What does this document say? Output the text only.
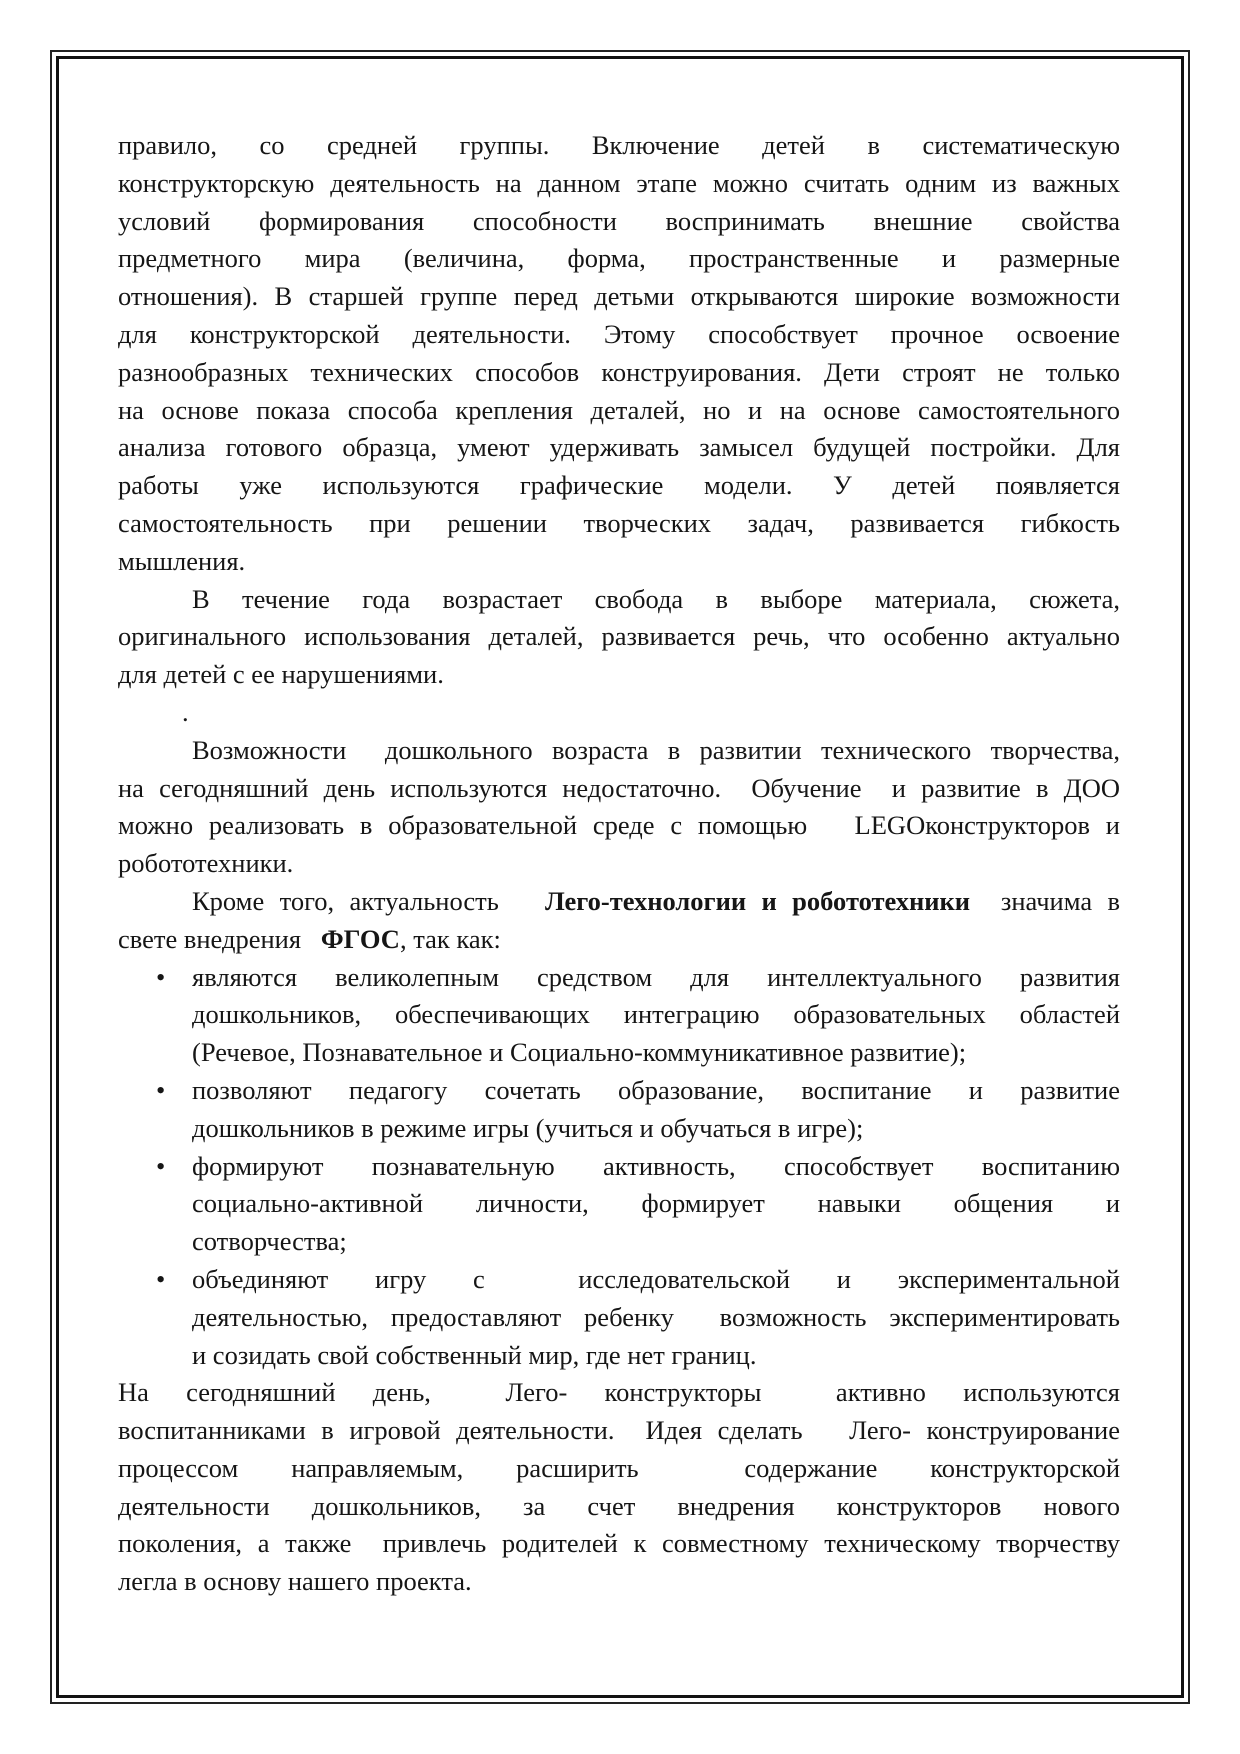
правило, со средней группы. Включение детей в систематическую
конструкторскую деятельность на данном этапе можно считать одним из важных
условий формирования способности воспринимать внешние свойства
предметного мира (величина, форма, пространственные и размерные
отношения). В старшей группе перед детьми открываются широкие возможности
для конструкторской деятельности. Этому способствует прочное освоение
разнообразных технических способов конструирования. Дети строят не только
на основе показа способа крепления деталей, но и на основе самостоятельного
анализа готового образца, умеют удерживать замысел будущей постройки. Для
работы уже используются графические модели. У детей появляется
самостоятельность при решении творческих задач, развивается гибкость
мышления.
В течение года возрастает свобода в выборе материала, сюжета,
оригинального использования деталей, развивается речь, что особенно актуально
для детей с ее нарушениями.
.
Возможности  дошкольного возраста в развитии технического творчества,
на сегодняшний день используются недостаточно.  Обучение  и развитие в ДОО
можно реализовать в образовательной среде с помощью   LEGOконструкторов и
робототехники.
Кроме того, актуальность   Лего-технологии и робототехники  значима в
свете внедрения   ФГОС, так как:
• являются великолепным средством для интеллектуального развития
дошкольников, обеспечивающих интеграцию образовательных областей
(Речевое, Познавательное и Социально-коммуникативное развитие);
• позволяют педагогу сочетать образование, воспитание и развитие
дошкольников в режиме игры (учиться и обучаться в игре);
• формируют познавательную активность, способствует воспитанию
социально-активной личности, формирует навыки общения и
сотворчества;
• объединяют игру с  исследовательской и экспериментальной
деятельностью, предоставляют ребенку  возможность экспериментировать
и созидать свой собственный мир, где нет границ.
На сегодняшний день,  Лего- конструкторы  активно используются
воспитанниками в игровой деятельности.  Идея сделать   Лего- конструирование
процессом направляемым, расширить  содержание конструкторской
деятельности дошкольников, за счет внедрения конструкторов нового
поколения, а также  привлечь родителей к совместному техническому творчеству
легла в основу нашего проекта.
